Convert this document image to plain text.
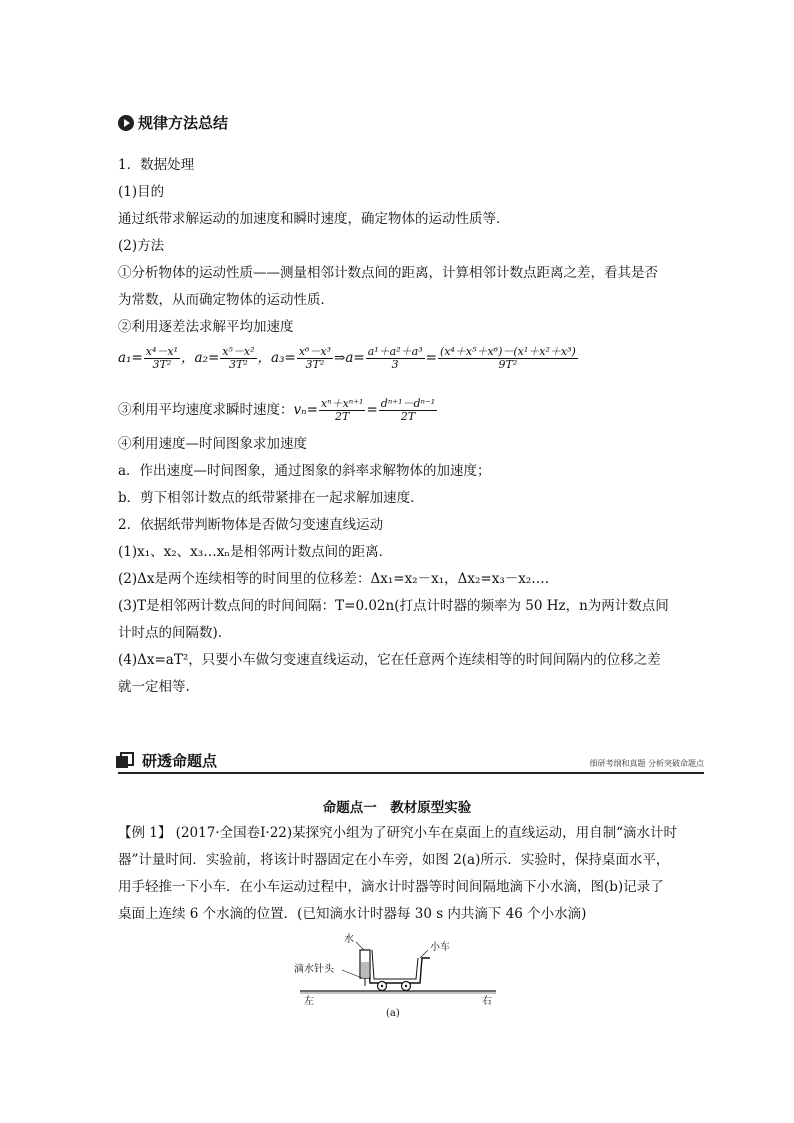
规律方法总结
1．数据处理
(1)目的
通过纸带求解运动的加速度和瞬时速度，确定物体的运动性质等．
(2)方法
①分析物体的运动性质——测量相邻计数点间的距离，计算相邻计数点距离之差，看其是否
为常数，从而确定物体的运动性质．
②利用逐差法求解平均加速度
$a_1= \frac{\text{x⁴－x¹}}{\text{3T²}}$ ，$a_2= \frac{\text{x⁵－x²}}{\text{3T²}}$ ，$a_3= \frac{\text{x⁶－x³}}{\text{3T²}}$ ⇒a= $\frac{\text{a¹＋a²＋a³}}{3} = \frac{\text{(x⁴＋x⁵＋x⁶)－(x¹＋x²＋x³)}}{\text{9T²}}$
③利用平均速度求瞬时速度：$v_n= \frac{\text{xⁿ＋xⁿ⁺¹}}{2T} = \frac{\text{dⁿ⁺¹－dⁿ⁻¹}}{2T}$
④利用速度—时间图象求加速度
a．作出速度—时间图象，通过图象的斜率求解物体的加速度；
b．剪下相邻计数点的纸带紧排在一起求解加速度．
2．依据纸带判断物体是否做匀变速直线运动
(1)x₁、x₂、x₃…xₙ是相邻两计数点间的距离．
(2)Δx是两个连续相等的时间里的位移差：Δx₁=x₂－x₁，Δx₂=x₃－x₂….
(3)T是相邻两计数点间的时间间隔：T=0.02n(打点计时器的频率为 50 Hz，n为两计数点间
计时点的间隔数)．
(4)Δx=aT²，只要小车做匀变速直线运动，它在任意两个连续相等的时间间隔内的位移之差
就一定相等.
研透命题点	细研考纲和真题 分析突破命题点
命题点一　教材原型实验
【例 1】 (2017·全国卷Ⅰ·22)某探究小组为了研究小车在桌面上的直线运动，用自制“滴水计时
器”计量时间．实验前，将该计时器固定在小车旁，如图 2(a)所示．实验时，保持桌面水平，
用手轻推一下小车．在小车运动过程中，滴水计时器等时间间隔地滴下小水滴，图(b)记录了
桌面上连续 6 个水滴的位置．(已知滴水计时器每 30 s 内共滴下 46 个小水滴)
水
小车
滴水针头
左	右
(a)
